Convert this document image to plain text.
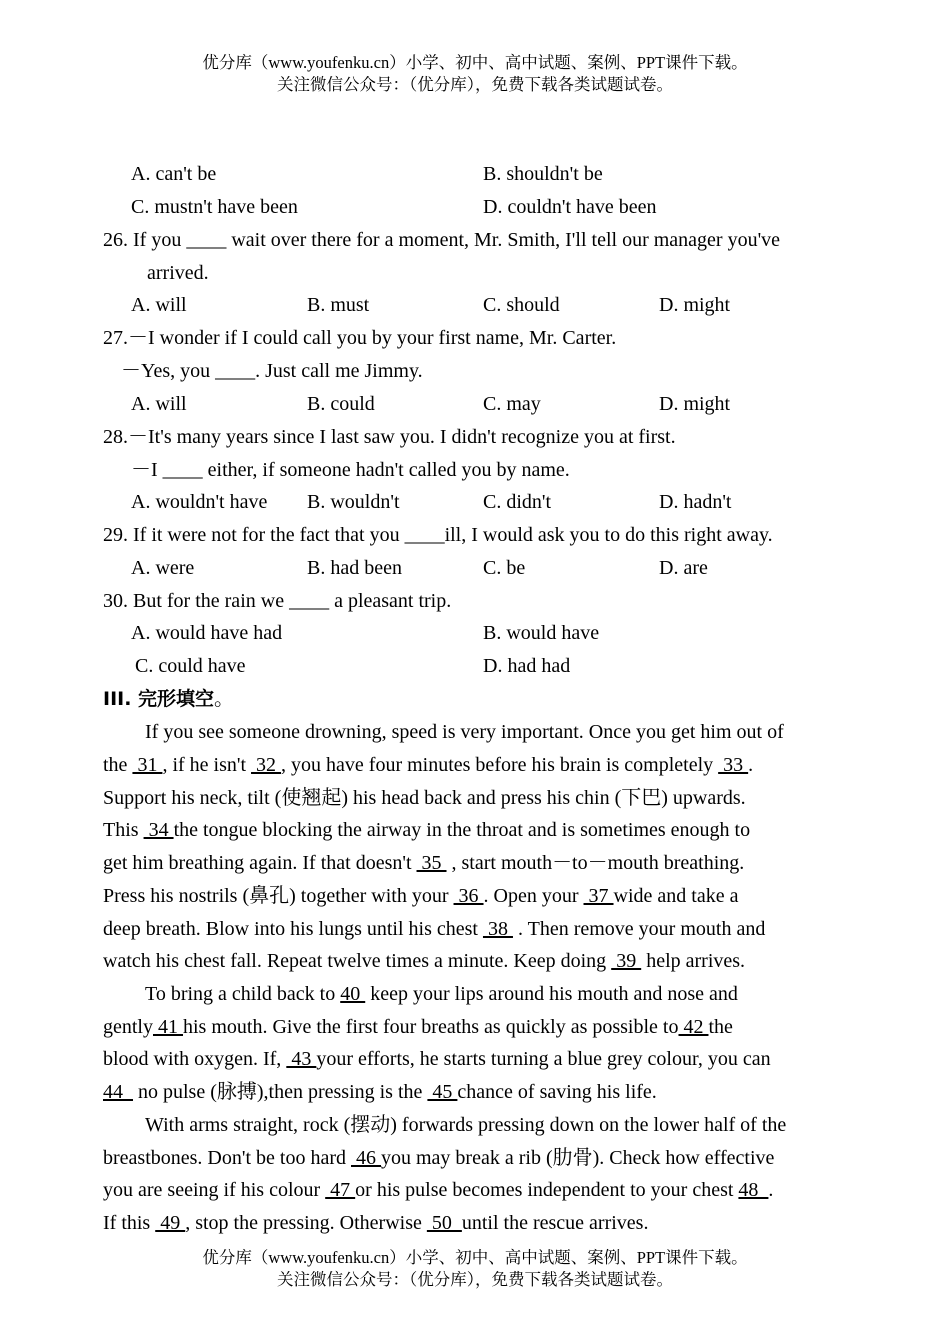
优分库（www.youfenku.cn）小学、初中、高中试题、案例、PPT课件下载。
关注微信公众号：（优分库），免费下载各类试题试卷。
A. can't be	B. shouldn't be
C. mustn't have been	D. couldn't have been
26. If you ____ wait over there for a moment, Mr. Smith, I'll tell our manager you've
arrived.
A. will	B. must	C. should	D. might
27.－I wonder if I could call you by your first name, Mr. Carter.
－Yes, you ____. Just call me Jimmy.
A. will	B. could	C. may	D. might
28.－It's many years since I last saw you. I didn't recognize you at first.
－I ____ either, if someone hadn't called you by name.
A. wouldn't have B. wouldn't	C. didn't	D. hadn't
29. If it were not for the fact that you ____ill, I would ask you to do this right away.
A. were	B. had been	C. be	D. are
30. But for the rain we ____ a pleasant trip.
A. would have had	B. would have
C. could have	D. had had
III. 完形填空。
If you see someone drowning, speed is very important. Once you get him out of
the  31 , if he isn't  32 , you have four minutes before his brain is completely  33 .
Support his neck, tilt (使翘起) his head back and press his chin (下巴) upwards.
This  34 the tongue blocking the airway in the throat and is sometimes enough to
get him breathing again. If that doesn't  35  , start mouth－to－mouth breathing.
Press his nostrils (鼻孔) together with your  36 . Open your  37 wide and take a
deep breath. Blow into his lungs until his chest  38  . Then remove your mouth and
watch his chest fall. Repeat twelve times a minute. Keep doing  39  help arrives.
To bring a child back to 40  keep your lips around his mouth and nose and
gently 41 his mouth. Give the first four breaths as quickly as possible to 42 the
blood with oxygen. If,  43 your efforts, he starts turning a blue grey colour, you can
44   no pulse (脉搏),then pressing is the  45 chance of saving his life.
With arms straight, rock (摆动) forwards pressing down on the lower half of the
breastbones. Don't be too hard  46 you may break a rib (肋骨). Check how effective
you are seeing if his colour  47 or his pulse becomes independent to your chest 48  .
If this  49 , stop the pressing. Otherwise  50  until the rescue arrives.
优分库（www.youfenku.cn）小学、初中、高中试题、案例、PPT课件下载。
关注微信公众号：（优分库），免费下载各类试题试卷。
